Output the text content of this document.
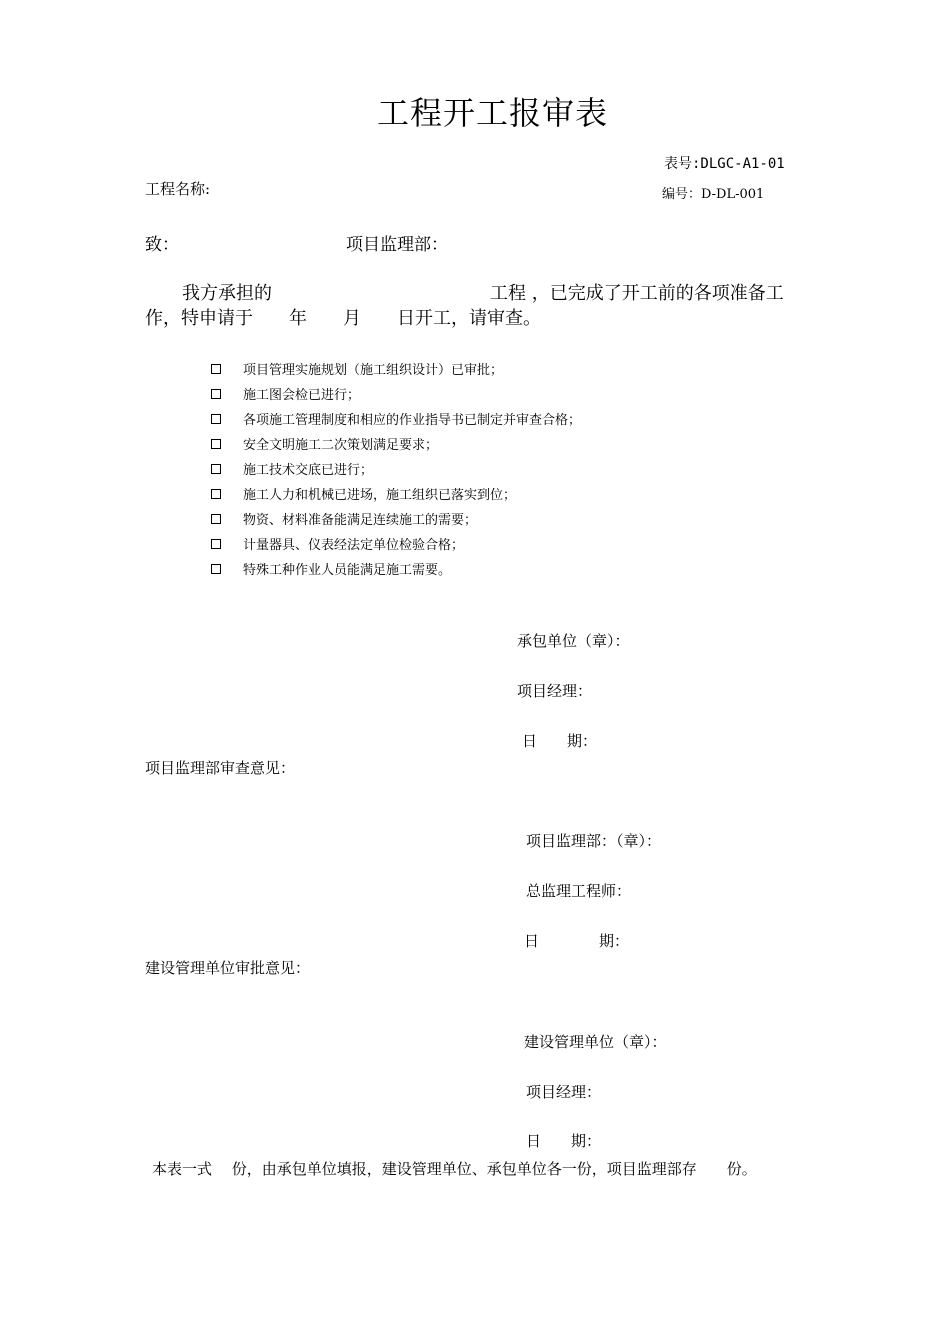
工程开工报审表
表号:DLGC-A1-01
工程名称:	编号：D-DL-001
致：	项目监理部：
我方承担的	工程 ，已完成了开工前的各项准备工
作，特申请于　　年　　月　　日开工，请审查。
项目管理实施规划（施工组织设计）已审批；
施工图会检已进行；
各项施工管理制度和相应的作业指导书已制定并审查合格；
安全文明施工二次策划满足要求；
施工技术交底已进行；
施工人力和机械已进场，施工组织已落实到位；
物资、材料准备能满足连续施工的需要；
计量器具、仪表经法定单位检验合格；
特殊工种作业人员能满足施工需要。
承包单位（章）：
项目经理：
日　　期：
项目监理部审查意见：
项目监理部：（章）：
总监理工程师：
日　　　　期：
建设管理单位审批意见：
建设管理单位（章）：
项目经理：
日　　期：
本表一式　 份，由承包单位填报，建设管理单位、承包单位各一份，项目监理部存　　份。
